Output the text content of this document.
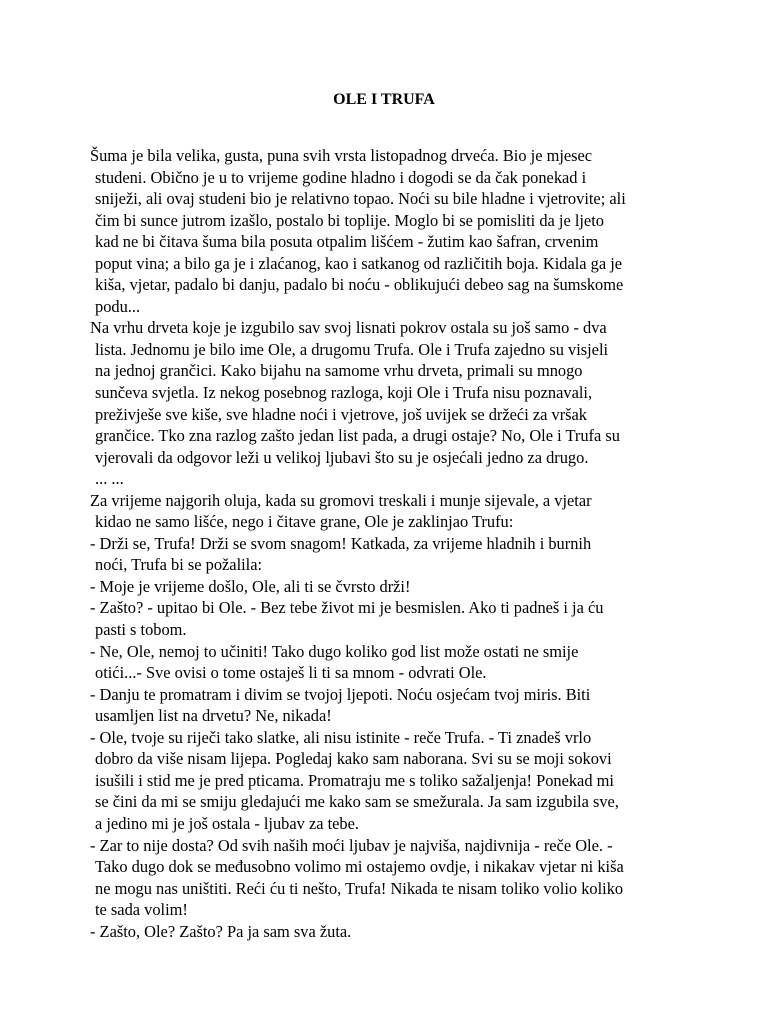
OLE I TRUFA
Šuma je bila velika, gusta, puna svih vrsta listopadnog drveća. Bio je mjesec
studeni. Obično je u to vrijeme godine hladno i dogodi se da čak ponekad i
sniježi, ali ovaj studeni bio je relativno topao. Noći su bile hladne i vjetrovite; ali
čim bi sunce jutrom izašlo, postalo bi toplije. Moglo bi se pomisliti da je ljeto
kad ne bi čitava šuma bila posuta otpalim lišćem - žutim kao šafran, crvenim
poput vina; a bilo ga je i zlaćanog, kao i satkanog od različitih boja. Kidala ga je
kiša, vjetar, padalo bi danju, padalo bi noću - oblikujući debeo sag na šumskome
podu...
Na vrhu drveta koje je izgubilo sav svoj lisnati pokrov ostala su još samo - dva
lista. Jednomu je bilo ime Ole, a drugomu Trufa. Ole i Trufa zajedno su visjeli
na jednoj grančici. Kako bijahu na samome vrhu drveta, primali su mnogo
sunčeva svjetla. Iz nekog posebnog razloga, koji Ole i Trufa nisu poznavali,
preživješe sve kiše, sve hladne noći i vjetrove, još uvijek se držeći za vršak
grančice. Tko zna razlog zašto jedan list pada, a drugi ostaje? No, Ole i Trufa su
vjerovali da odgovor leži u velikoj ljubavi što su je osjećali jedno za drugo.
... ...
Za vrijeme najgorih oluja, kada su gromovi treskali i munje sijevale, a vjetar
kidao ne samo lišće, nego i čitave grane, Ole je zaklinjao Trufu:
- Drži se, Trufa! Drži se svom snagom! Katkada, za vrijeme hladnih i burnih
noći, Trufa bi se požalila:
- Moje je vrijeme došlo, Ole, ali ti se čvrsto drži!
- Zašto? - upitao bi Ole. - Bez tebe život mi je besmislen. Ako ti padneš i ja ću
pasti s tobom.
- Ne, Ole, nemoj to učiniti! Tako dugo koliko god list može ostati ne smije
otići...- Sve ovisi o tome ostaješ li ti sa mnom - odvrati Ole.
- Danju te promatram i divim se tvojoj ljepoti. Noću osjećam tvoj miris. Biti
usamljen list na drvetu? Ne, nikada!
- Ole, tvoje su riječi tako slatke, ali nisu istinite - reče Trufa. - Ti znadeš vrlo
dobro da više nisam lijepa. Pogledaj kako sam naborana. Svi su se moji sokovi
isušili i stid me je pred pticama. Promatraju me s toliko sažaljenja! Ponekad mi
se čini da mi se smiju gledajući me kako sam se smežurala. Ja sam izgubila sve,
a jedino mi je još ostala - ljubav za tebe.
- Zar to nije dosta? Od svih naših moći ljubav je najviša, najdivnija - reče Ole. -
Tako dugo dok se međusobno volimo mi ostajemo ovdje, i nikakav vjetar ni kiša
ne mogu nas uništiti. Reći ću ti nešto, Trufa! Nikada te nisam toliko volio koliko
te sada volim!
- Zašto, Ole? Zašto? Pa ja sam sva žuta.
